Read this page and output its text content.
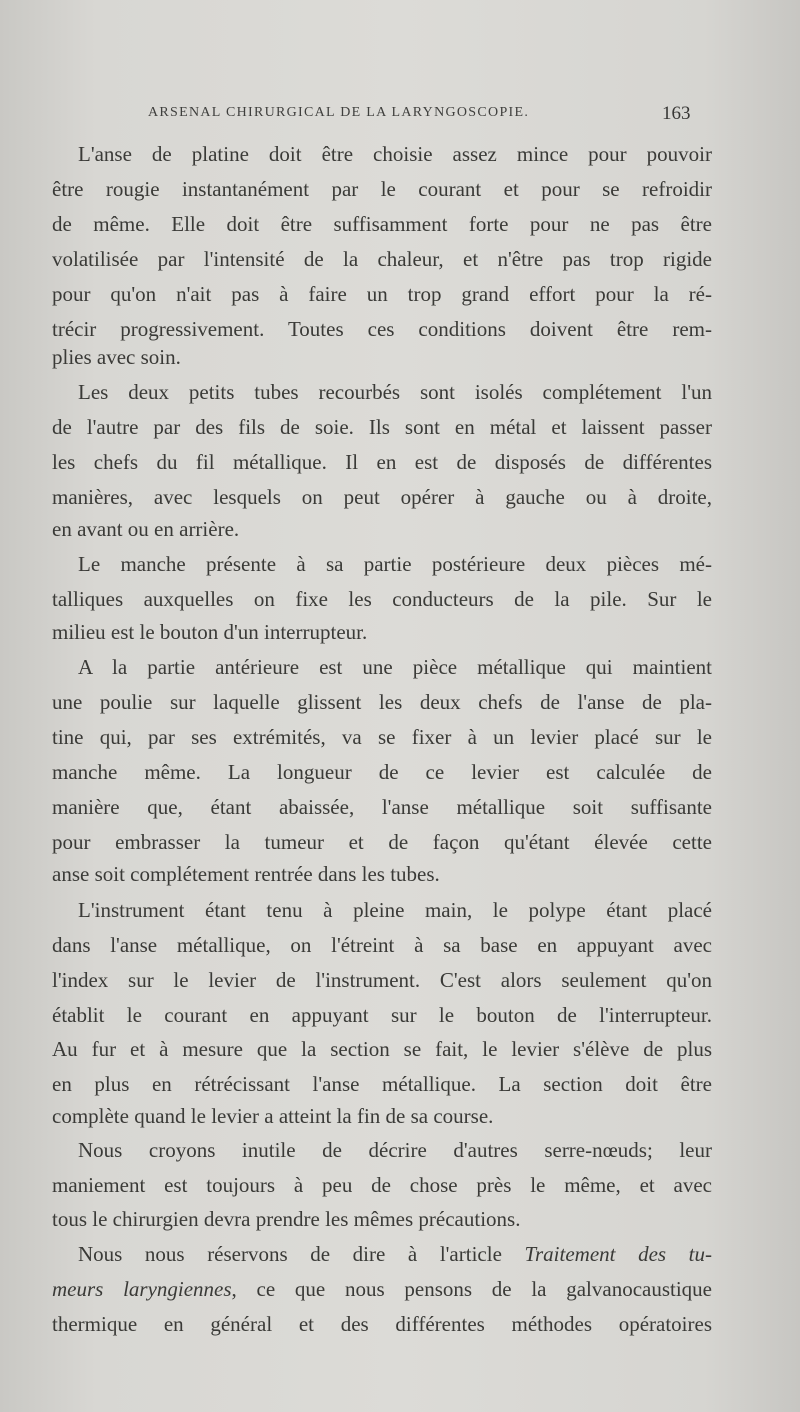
ARSENAL CHIRURGICAL DE LA LARYNGOSCOPIE.	163
L'anse de platine doit être choisie assez mince pour pouvoir
être rougie instantanément par le courant et pour se refroidir
de même. Elle doit être suffisamment forte pour ne pas être
volatilisée par l'intensité de la chaleur, et n'être pas trop rigide
pour qu'on n'ait pas à faire un trop grand effort pour la ré-
trécir progressivement. Toutes ces conditions doivent être rem-
plies avec soin.
Les deux petits tubes recourbés sont isolés complétement l'un
de l'autre par des fils de soie. Ils sont en métal et laissent passer
les chefs du fil métallique. Il en est de disposés de différentes
manières, avec lesquels on peut opérer à gauche ou à droite,
en avant ou en arrière.
Le manche présente à sa partie postérieure deux pièces mé-
talliques auxquelles on fixe les conducteurs de la pile. Sur le
milieu est le bouton d'un interrupteur.
A la partie antérieure est une pièce métallique qui maintient
une poulie sur laquelle glissent les deux chefs de l'anse de pla-
tine qui, par ses extrémités, va se fixer à un levier placé sur le
manche même. La longueur de ce levier est calculée de
manière que, étant abaissée, l'anse métallique soit suffisante
pour embrasser la tumeur et de façon qu'étant élevée cette
anse soit complétement rentrée dans les tubes.
L'instrument étant tenu à pleine main, le polype étant placé
dans l'anse métallique, on l'étreint à sa base en appuyant avec
l'index sur le levier de l'instrument. C'est alors seulement qu'on
établit le courant en appuyant sur le bouton de l'interrupteur.
Au fur et à mesure que la section se fait, le levier s'élève de plus
en plus en rétrécissant l'anse métallique. La section doit être
complète quand le levier a atteint la fin de sa course.
Nous croyons inutile de décrire d'autres serre-nœuds; leur
maniement est toujours à peu de chose près le même, et avec
tous le chirurgien devra prendre les mêmes précautions.
Nous nous réservons de dire à l'article Traitement des tu-
meurs laryngiennes, ce que nous pensons de la galvanocaustique
thermique en général et des différentes méthodes opératoires
